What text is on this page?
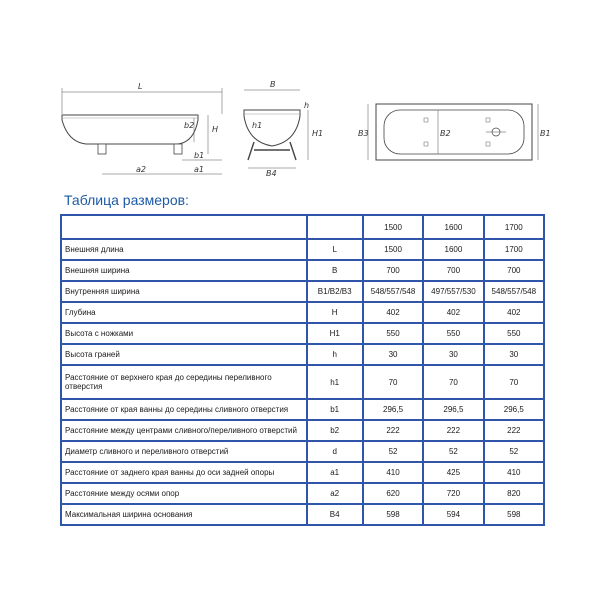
L
b2 H
b1
a2	a1
B
H1
h1
h
B4
B3	B2	B1
Таблица размеров:
		1500	1600	1700
Внешняя длина	L	1500	1600	1700
Внешняя ширина	B	700	700	700
Внутренняя ширина	B1/B2/B3	548/557/548	497/557/530	548/557/548
Глубина	H	402	402	402
Высота с ножками	H1	550	550	550
Высота граней	h	30	30	30
Расстояние от верхнего края до середины переливного отверстия	h1	70	70	70
Расстояние от края ванны до середины сливного отверстия	b1	296,5	296,5	296,5
Расстояние между центрами сливного/переливного отверстий	b2	222	222	222
Диаметр сливного и переливного отверстий	d	52	52	52
Расстояние от заднего края ванны до оси задней опоры	a1	410	425	410
Расстояние между осями опор	a2	620	720	820
Максимальная ширина основания	B4	598	594	598
